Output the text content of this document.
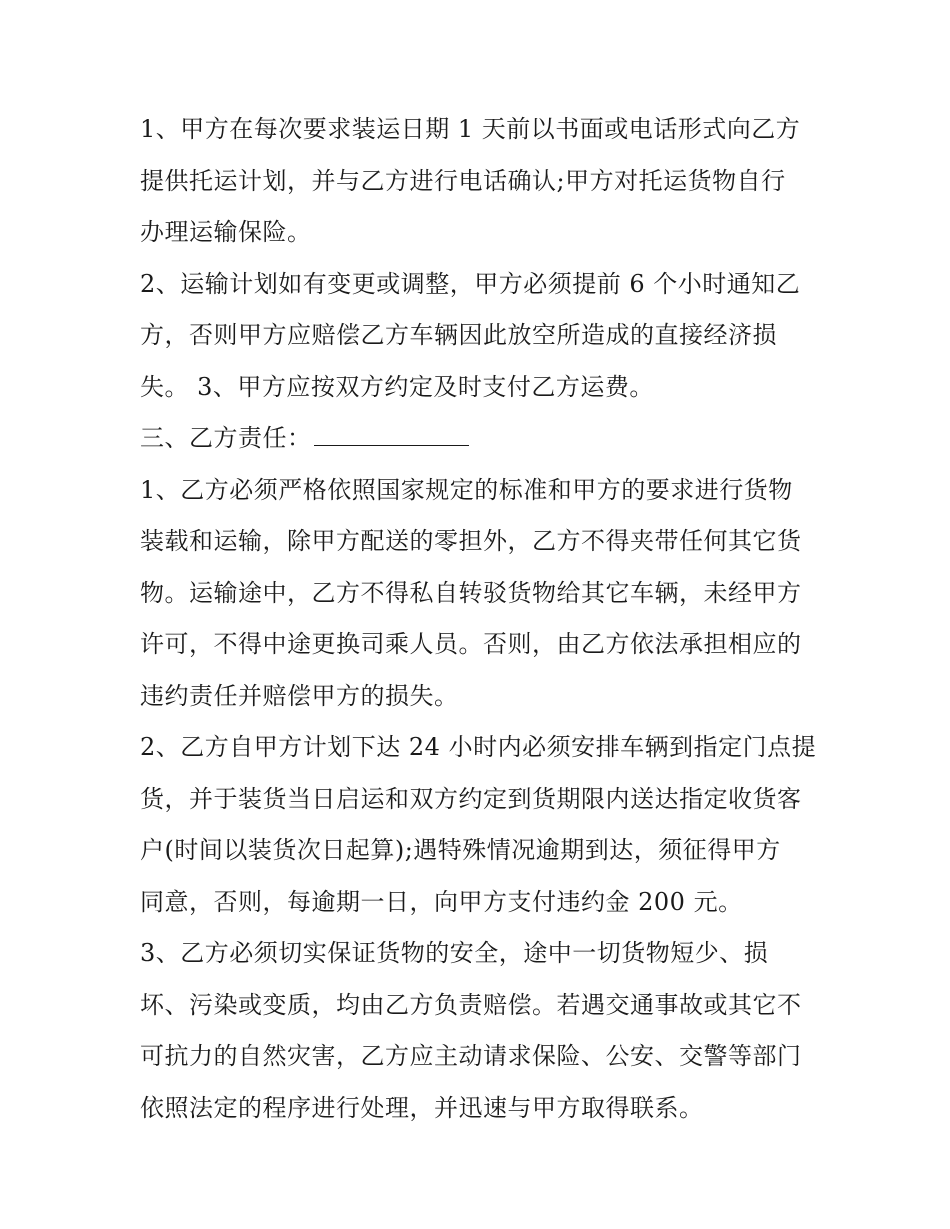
1、甲方在每次要求装运日期 1 天前以书面或电话形式向乙方
提供托运计划，并与乙方进行电话确认;甲方对托运货物自行
办理运输保险。
2、运输计划如有变更或调整，甲方必须提前 6 个小时通知乙
方，否则甲方应赔偿乙方车辆因此放空所造成的直接经济损
失。 3、甲方应按双方约定及时支付乙方运费。
三、乙方责任：
1、乙方必须严格依照国家规定的标准和甲方的要求进行货物
装载和运输，除甲方配送的零担外，乙方不得夹带任何其它货
物。运输途中，乙方不得私自转驳货物给其它车辆，未经甲方
许可，不得中途更换司乘人员。否则，由乙方依法承担相应的
违约责任并赔偿甲方的损失。
2、乙方自甲方计划下达 24 小时内必须安排车辆到指定门点提
货，并于装货当日启运和双方约定到货期限内送达指定收货客
户(时间以装货次日起算);遇特殊情况逾期到达，须征得甲方
同意，否则，每逾期一日，向甲方支付违约金 200 元。
3、乙方必须切实保证货物的安全，途中一切货物短少、损
坏、污染或变质，均由乙方负责赔偿。若遇交通事故或其它不
可抗力的自然灾害，乙方应主动请求保险、公安、交警等部门
依照法定的程序进行处理，并迅速与甲方取得联系。
